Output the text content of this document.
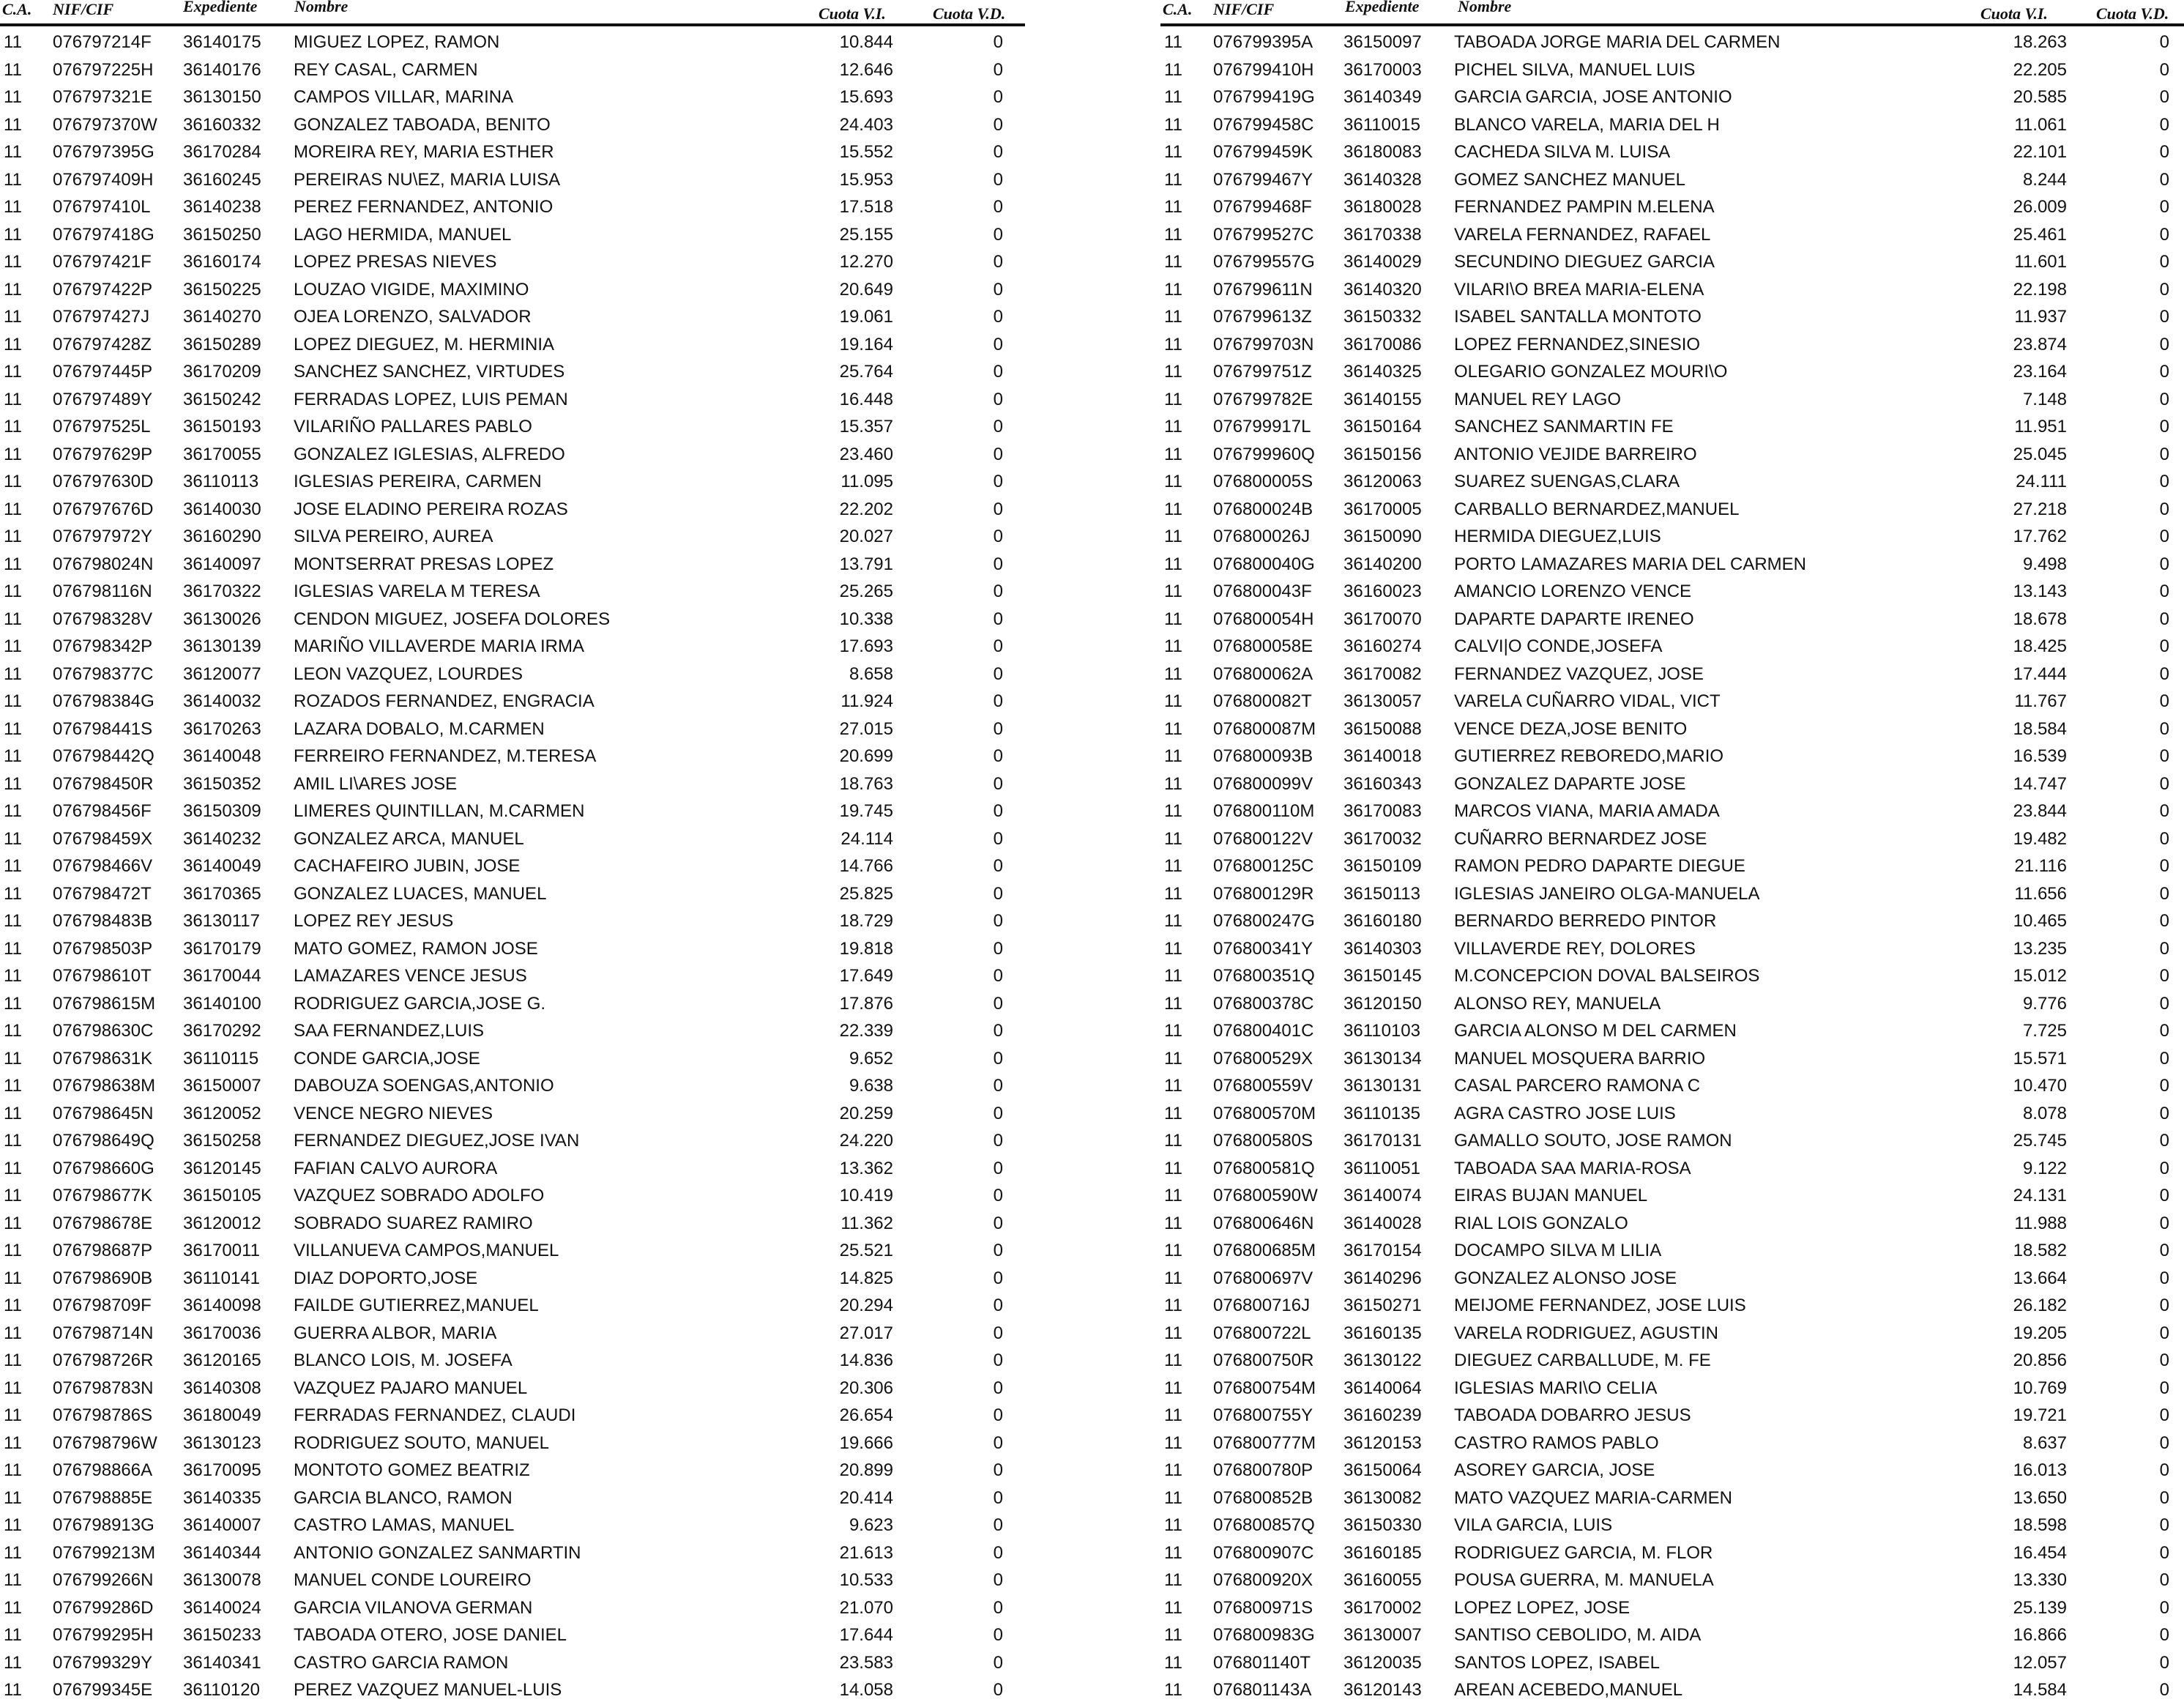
C.A. NIF/CIF	Expediente Nombre	Cuota V.I.	Cuota V.D.
11 076797214F 36140175 MIGUEZ LOPEZ, RAMON	10.844	0
11 076797225H 36140176 REY CASAL, CARMEN	12.646	0
11 076797321E 36130150 CAMPOS VILLAR, MARINA	15.693	0
11 076797370W 36160332 GONZALEZ TABOADA, BENITO	24.403	0
11 076797395G 36170284 MOREIRA REY, MARIA ESTHER	15.552	0
11 076797409H 36160245 PEREIRAS NU\EZ, MARIA LUISA	15.953	0
11 076797410L 36140238 PEREZ FERNANDEZ, ANTONIO	17.518	0
11 076797418G 36150250 LAGO HERMIDA, MANUEL	25.155	0
11 076797421F 36160174 LOPEZ PRESAS NIEVES	12.270	0
11 076797422P 36150225 LOUZAO VIGIDE, MAXIMINO	20.649	0
11 076797427J 36140270 OJEA LORENZO, SALVADOR	19.061	0
11 076797428Z 36150289 LOPEZ DIEGUEZ, M. HERMINIA	19.164	0
11 076797445P 36170209 SANCHEZ SANCHEZ, VIRTUDES	25.764	0
11 076797489Y 36150242 FERRADAS LOPEZ, LUIS PEMAN	16.448	0
11 076797525L 36150193 VILARIÑO PALLARES PABLO	15.357	0
11 076797629P 36170055 GONZALEZ IGLESIAS, ALFREDO	23.460	0
11 076797630D 36110113 IGLESIAS PEREIRA, CARMEN	11.095	0
11 076797676D 36140030 JOSE ELADINO PEREIRA ROZAS	22.202	0
11 076797972Y 36160290 SILVA PEREIRO, AUREA	20.027	0
11 076798024N 36140097 MONTSERRAT PRESAS LOPEZ	13.791	0
11 076798116N 36170322 IGLESIAS VARELA M TERESA	25.265	0
11 076798328V 36130026 CENDON MIGUEZ, JOSEFA DOLORES	10.338	0
11 076798342P 36130139 MARIÑO VILLAVERDE MARIA IRMA	17.693	0
11 076798377C 36120077 LEON VAZQUEZ, LOURDES	8.658	0
11 076798384G 36140032 ROZADOS FERNANDEZ, ENGRACIA	11.924	0
11 076798441S 36170263 LAZARA DOBALO, M.CARMEN	27.015	0
11 076798442Q 36140048 FERREIRO FERNANDEZ, M.TERESA	20.699	0
11 076798450R 36150352 AMIL LI\ARES JOSE	18.763	0
11 076798456F 36150309 LIMERES QUINTILLAN, M.CARMEN	19.745	0
11 076798459X 36140232 GONZALEZ ARCA, MANUEL	24.114	0
11 076798466V 36140049 CACHAFEIRO JUBIN, JOSE	14.766	0
11 076798472T 36170365 GONZALEZ LUACES, MANUEL	25.825	0
11 076798483B 36130117 LOPEZ REY JESUS	18.729	0
11 076798503P 36170179 MATO GOMEZ, RAMON JOSE	19.818	0
11 076798610T 36170044 LAMAZARES VENCE JESUS	17.649	0
11 076798615M 36140100 RODRIGUEZ GARCIA,JOSE G.	17.876	0
11 076798630C 36170292 SAA FERNANDEZ,LUIS	22.339	0
11 076798631K 36110115 CONDE GARCIA,JOSE	9.652	0
11 076798638M 36150007 DABOUZA SOENGAS,ANTONIO	9.638	0
11 076798645N 36120052 VENCE NEGRO NIEVES	20.259	0
11 076798649Q 36150258 FERNANDEZ DIEGUEZ,JOSE IVAN	24.220	0
11 076798660G 36120145 FAFIAN CALVO AURORA	13.362	0
11 076798677K 36150105 VAZQUEZ SOBRADO ADOLFO	10.419	0
11 076798678E 36120012 SOBRADO SUAREZ RAMIRO	11.362	0
11 076798687P 36170011 VILLANUEVA CAMPOS,MANUEL	25.521	0
11 076798690B 36110141 DIAZ DOPORTO,JOSE	14.825	0
11 076798709F 36140098 FAILDE GUTIERREZ,MANUEL	20.294	0
11 076798714N 36170036 GUERRA ALBOR, MARIA	27.017	0
11 076798726R 36120165 BLANCO LOIS, M. JOSEFA	14.836	0
11 076798783N 36140308 VAZQUEZ PAJARO MANUEL	20.306	0
11 076798786S 36180049 FERRADAS FERNANDEZ, CLAUDI	26.654	0
11 076798796W 36130123 RODRIGUEZ SOUTO, MANUEL	19.666	0
11 076798866A 36170095 MONTOTO GOMEZ BEATRIZ	20.899	0
11 076798885E 36140335 GARCIA BLANCO, RAMON	20.414	0
11 076798913G 36140007 CASTRO LAMAS, MANUEL	9.623	0
11 076799213M 36140344 ANTONIO GONZALEZ SANMARTIN	21.613	0
11 076799266N 36130078 MANUEL CONDE LOUREIRO	10.533	0
11 076799286D 36140024 GARCIA VILANOVA GERMAN	21.070	0
11 076799295H 36150233 TABOADA OTERO, JOSE DANIEL	17.644	0
11 076799329Y 36140341 CASTRO GARCIA RAMON	23.583	0
11 076799345E 36110120 PEREZ VAZQUEZ MANUEL-LUIS	14.058	0
C.A. NIF/CIF	Expediente Nombre	Cuota V.I.	Cuota V.D.
11 076799395A 36150097 TABOADA JORGE MARIA DEL CARMEN	18.263	0
11 076799410H 36170003 PICHEL SILVA, MANUEL LUIS	22.205	0
11 076799419G 36140349 GARCIA GARCIA, JOSE ANTONIO	20.585	0
11 076799458C 36110015 BLANCO VARELA, MARIA DEL H	11.061	0
11 076799459K 36180083 CACHEDA SILVA M. LUISA	22.101	0
11 076799467Y 36140328 GOMEZ SANCHEZ MANUEL	8.244	0
11 076799468F 36180028 FERNANDEZ PAMPIN M.ELENA	26.009	0
11 076799527C 36170338 VARELA FERNANDEZ, RAFAEL	25.461	0
11 076799557G 36140029 SECUNDINO DIEGUEZ GARCIA	11.601	0
11 076799611N 36140320 VILARI\O BREA MARIA-ELENA	22.198	0
11 076799613Z 36150332 ISABEL SANTALLA MONTOTO	11.937	0
11 076799703N 36170086 LOPEZ FERNANDEZ,SINESIO	23.874	0
11 076799751Z 36140325 OLEGARIO GONZALEZ MOURI\O	23.164	0
11 076799782E 36140155 MANUEL REY LAGO	7.148	0
11 076799917L 36150164 SANCHEZ SANMARTIN FE	11.951	0
11 076799960Q 36150156 ANTONIO VEJIDE BARREIRO	25.045	0
11 076800005S 36120063 SUAREZ SUENGAS,CLARA	24.111	0
11 076800024B 36170005 CARBALLO BERNARDEZ,MANUEL	27.218	0
11 076800026J 36150090 HERMIDA DIEGUEZ,LUIS	17.762	0
11 076800040G 36140200 PORTO LAMAZARES MARIA DEL CARMEN	9.498	0
11 076800043F 36160023 AMANCIO LORENZO VENCE	13.143	0
11 076800054H 36170070 DAPARTE DAPARTE IRENEO	18.678	0
11 076800058E 36160274 CALVI|O CONDE,JOSEFA	18.425	0
11 076800062A 36170082 FERNANDEZ VAZQUEZ, JOSE	17.444	0
11 076800082T 36130057 VARELA CUÑARRO VIDAL, VICT	11.767	0
11 076800087M 36150088 VENCE DEZA,JOSE BENITO	18.584	0
11 076800093B 36140018 GUTIERREZ REBOREDO,MARIO	16.539	0
11 076800099V 36160343 GONZALEZ DAPARTE JOSE	14.747	0
11 076800110M 36170083 MARCOS VIANA, MARIA AMADA	23.844	0
11 076800122V 36170032 CUÑARRO BERNARDEZ JOSE	19.482	0
11 076800125C 36150109 RAMON PEDRO DAPARTE DIEGUE	21.116	0
11 076800129R 36150113 IGLESIAS JANEIRO OLGA-MANUELA	11.656	0
11 076800247G 36160180 BERNARDO BERREDO PINTOR	10.465	0
11 076800341Y 36140303 VILLAVERDE REY, DOLORES	13.235	0
11 076800351Q 36150145 M.CONCEPCION DOVAL BALSEIROS	15.012	0
11 076800378C 36120150 ALONSO REY, MANUELA	9.776	0
11 076800401C 36110103 GARCIA ALONSO M DEL CARMEN	7.725	0
11 076800529X 36130134 MANUEL MOSQUERA BARRIO	15.571	0
11 076800559V 36130131 CASAL PARCERO RAMONA C	10.470	0
11 076800570M 36110135 AGRA CASTRO JOSE LUIS	8.078	0
11 076800580S 36170131 GAMALLO SOUTO, JOSE RAMON	25.745	0
11 076800581Q 36110051 TABOADA SAA MARIA-ROSA	9.122	0
11 076800590W 36140074 EIRAS BUJAN MANUEL	24.131	0
11 076800646N 36140028 RIAL LOIS GONZALO	11.988	0
11 076800685M 36170154 DOCAMPO SILVA M LILIA	18.582	0
11 076800697V 36140296 GONZALEZ ALONSO JOSE	13.664	0
11 076800716J 36150271 MEIJOME FERNANDEZ, JOSE LUIS	26.182	0
11 076800722L 36160135 VARELA RODRIGUEZ, AGUSTIN	19.205	0
11 076800750R 36130122 DIEGUEZ CARBALLUDE, M. FE	20.856	0
11 076800754M 36140064 IGLESIAS MARI\O CELIA	10.769	0
11 076800755Y 36160239 TABOADA DOBARRO JESUS	19.721	0
11 076800777M 36120153 CASTRO RAMOS PABLO	8.637	0
11 076800780P 36150064 ASOREY GARCIA, JOSE	16.013	0
11 076800852B 36130082 MATO VAZQUEZ MARIA-CARMEN	13.650	0
11 076800857Q 36150330 VILA GARCIA, LUIS	18.598	0
11 076800907C 36160185 RODRIGUEZ GARCIA, M. FLOR	16.454	0
11 076800920X 36160055 POUSA GUERRA, M. MANUELA	13.330	0
11 076800971S 36170002 LOPEZ LOPEZ, JOSE	25.139	0
11 076800983G 36130007 SANTISO CEBOLIDO, M. AIDA	16.866	0
11 076801140T 36120035 SANTOS LOPEZ, ISABEL	12.057	0
11 076801143A 36120143 AREAN ACEBEDO,MANUEL	14.584	0
